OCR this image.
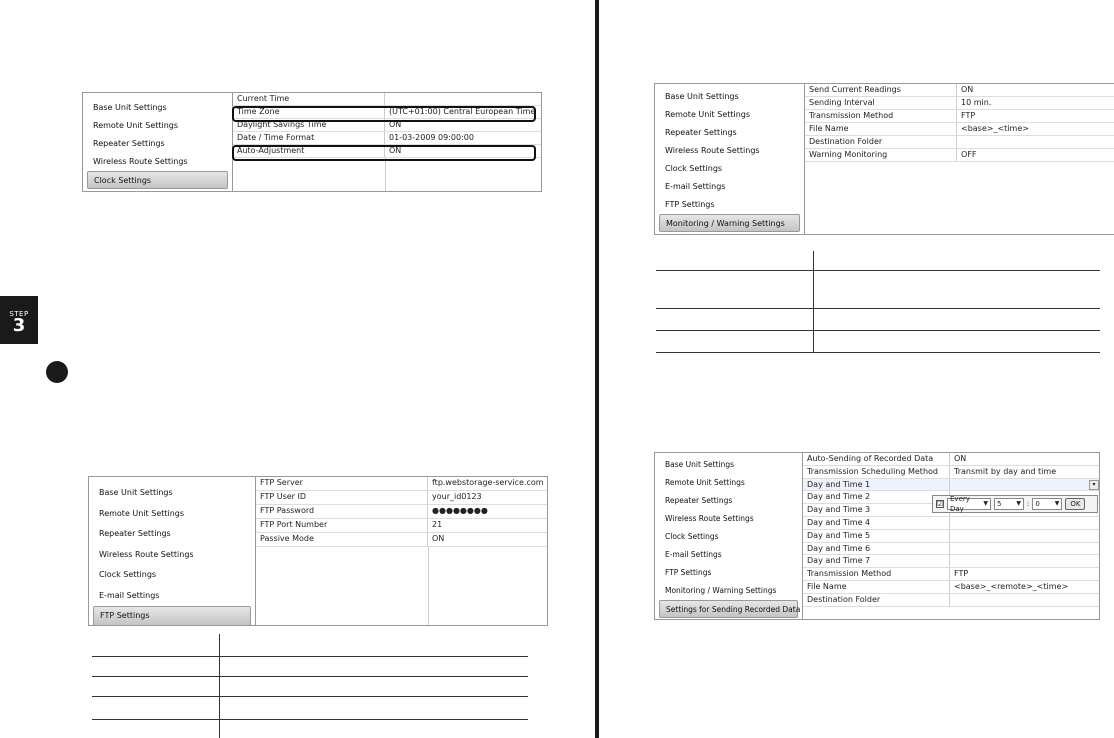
STEP
3
Base Unit Settings
Remote Unit Settings
Repeater Settings
Wireless Route Settings
Clock Settings
Current Time
Time Zone	(UTC+01:00) Central European Time
Daylight Savings Time	ON
Date / Time Format	01-03-2009 09:00:00
Auto-Adjustment	ON
Base Unit Settings
Remote Unit Settings
Repeater Settings
Wireless Route Settings
Clock Settings
E-mail Settings
FTP Settings
FTP Server	ftp.webstorage-service.com
FTP User ID	your_id0123
FTP Password	●●●●●●●●
FTP Port Number	21
Passive Mode	ON
Base Unit Settings
Remote Unit Settings
Repeater Settings
Wireless Route Settings
Clock Settings
E-mail Settings
FTP Settings
Monitoring / Warning Settings
Send Current Readings	ON
Sending Interval	10 min.
Transmission Method	FTP
File Name	<base>_<time>
Destination Folder
Warning Monitoring	OFF
Base Unit Settings
Remote Unit Settings
Repeater Settings
Wireless Route Settings
Clock Settings
E-mail Settings
FTP Settings
Monitoring / Warning Settings
Settings for Sending Recorded Data
Auto-Sending of Recorded Data	ON
Transmission Scheduling Method	Transmit by day and time
Day and Time 1
Day and Time 2
Day and Time 3
Day and Time 4
Day and Time 5
Day and Time 6
Day and Time 7
Transmission Method	FTP
File Name	<base>_<remote>_<time>
Destination Folder
▾
☑
Every Day
▼ 5 ▼ : 0 ▼	OK
